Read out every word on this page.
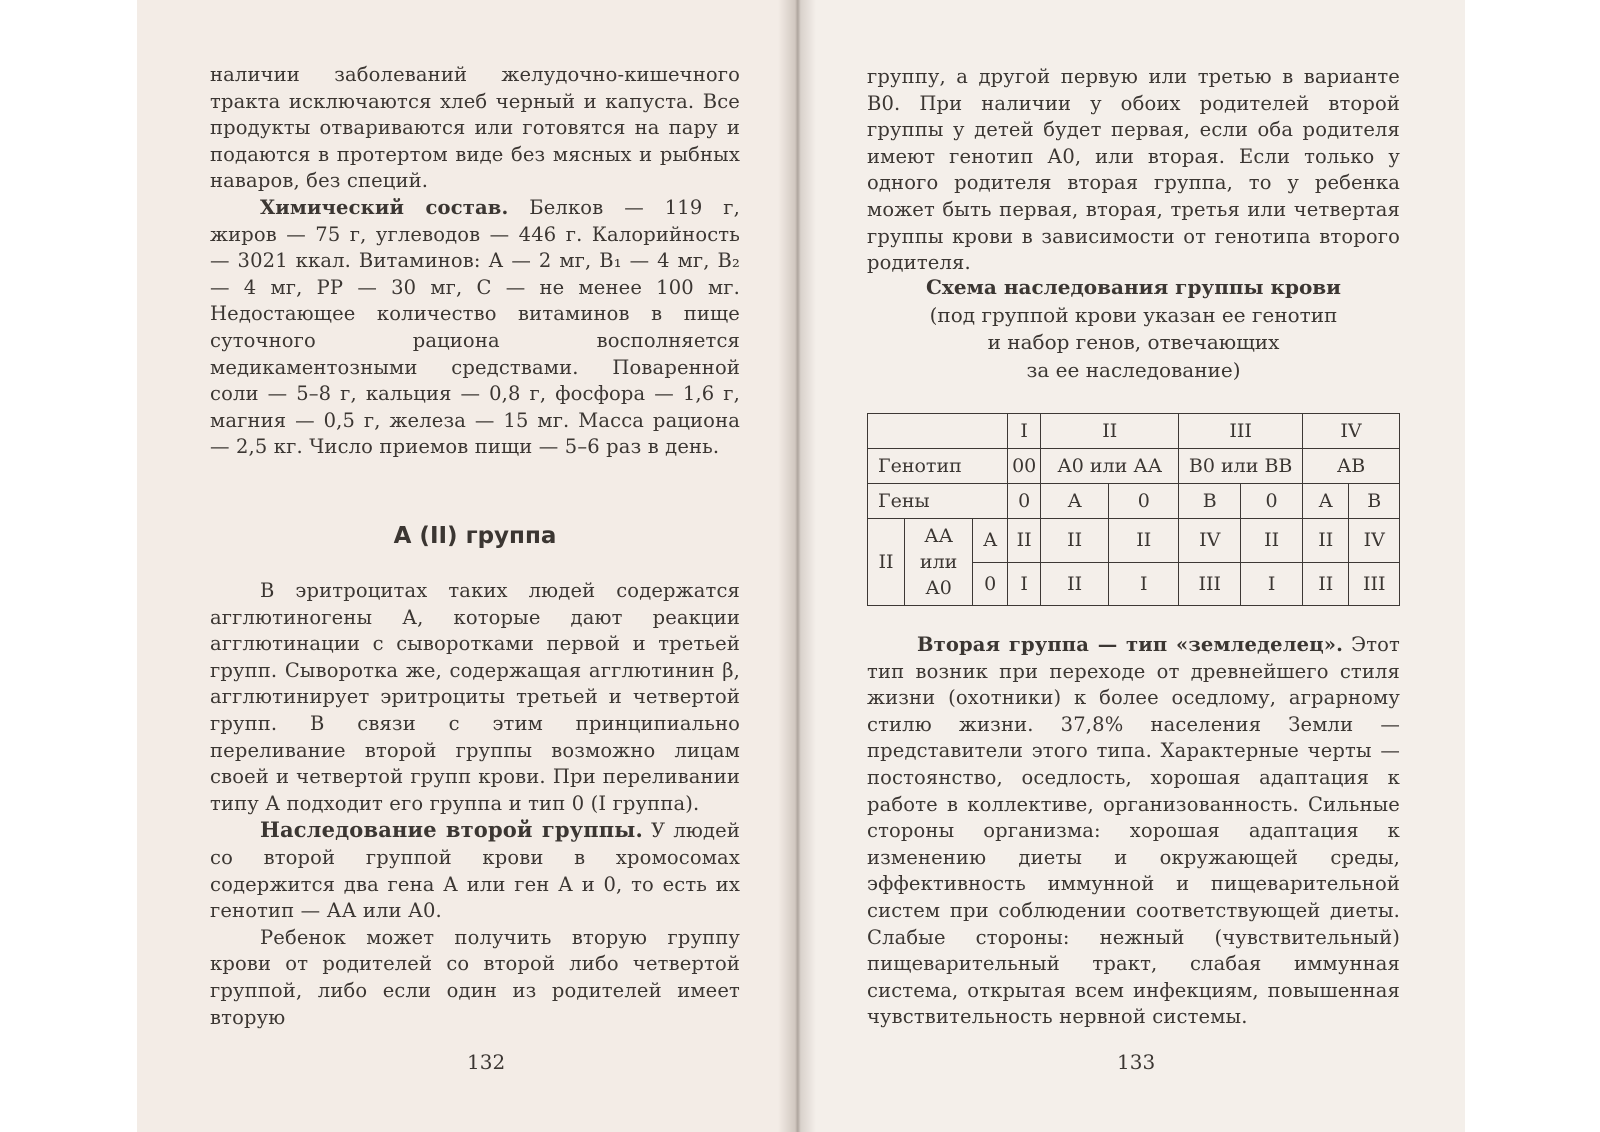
наличии заболеваний желудочно-кишечного тракта исключаются хлеб черный и капуста. Все продукты отвариваются или готовятся на пару и подаются в протертом виде без мясных и рыбных наваров, без специй.

Химический состав. Белков — 119 г, жиров — 75 г, углеводов — 446 г. Калорийность — 3021 ккал. Витаминов: А — 2 мг, В₁ — 4 мг, В₂ — 4 мг, РР — 30 мг, С — не менее 100 мг. Недостающее количество витаминов в пище суточного рациона восполняется медикаментозными средствами. Поваренной соли — 5–8 г, кальция — 0,8 г, фосфора — 1,6 г, магния — 0,5 г, железа — 15 мг. Масса рациона — 2,5 кг. Число приемов пищи — 5–6 раз в день.

А (II) группа

В эритроцитах таких людей содержатся агглютиногены А, которые дают реакции агглютинации с сыворотками первой и третьей групп. Сыворотка же, содержащая агглютинин β, агглютинирует эритроциты третьей и четвертой групп. В связи с этим принципиально переливание второй группы возможно лицам своей и четвертой групп крови. При переливании типу А подходит его группа и тип 0 (I группа).

Наследование второй группы. У людей со второй группой крови в хромосомах содержится два гена А или ген А и 0, то есть их генотип — АА или А0.

Ребенок может получить вторую группу крови от родителей со второй либо четвертой группой, либо если один из родителей имеет вторую

132

группу, а другой первую или третью в варианте В0. При наличии у обоих родителей второй группы у детей будет первая, если оба родителя имеют генотип А0, или вторая. Если только у одного родителя вторая группа, то у ребенка может быть первая, вторая, третья или четвертая группы крови в зависимости от генотипа второго родителя.

Схема наследования группы крови
(под группой крови указан ее генотип
и набор генов, отвечающих
за ее наследование)
			I	II		III		IV	
Генотип			00	А0 или АА		В0 или ВВ		АВ	
Гены			0	А	0	В	0	А	В
II	АА или А0	А	II	II	II	IV	II	II	IV
		0	I	II	I	III	I	II	III

Вторая группа — тип «земледелец». Этот тип возник при переходе от древнейшего стиля жизни (охотники) к более оседлому, аграрному стилю жизни. 37,8% населения Земли — представители этого типа. Характерные черты — постоянство, оседлость, хорошая адаптация к работе в коллективе, организованность. Сильные стороны организма: хорошая адаптация к изменению диеты и окружающей среды, эффективность иммунной и пищеварительной систем при соблюдении соответствующей диеты. Слабые стороны: нежный (чувствительный) пищеварительный тракт, слабая иммунная система, открытая всем инфекциям, повышенная чувствительность нервной системы.

133
